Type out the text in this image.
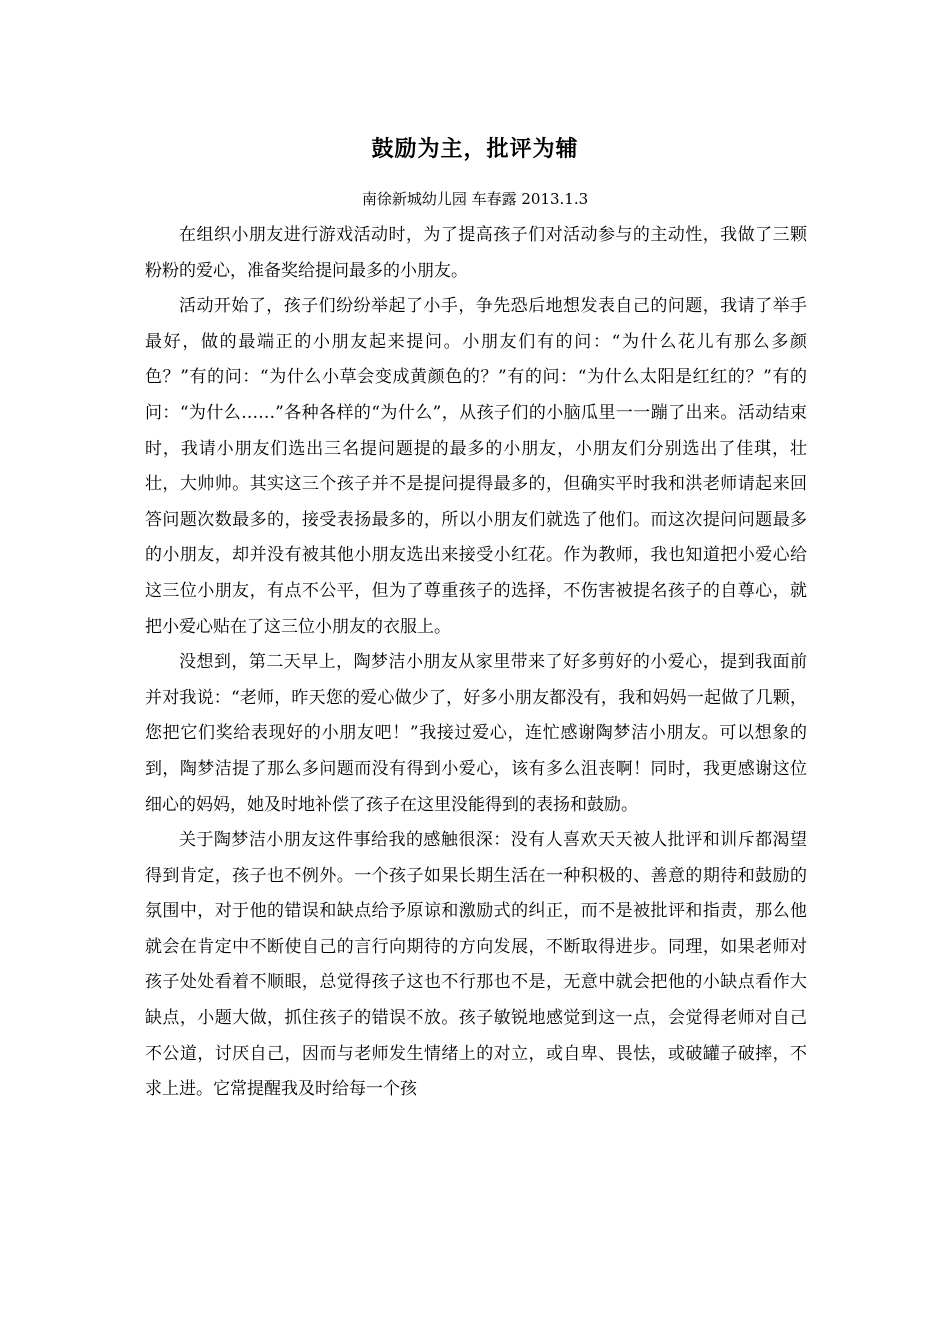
鼓励为主，批评为辅
南徐新城幼儿园 车春露 2013.1.3

在组织小朋友进行游戏活动时，为了提高孩子们对活动参与的主动性，我做了三颗粉粉的爱心，准备奖给提问最多的小朋友。

活动开始了，孩子们纷纷举起了小手，争先恐后地想发表自己的问题，我请了举手最好，做的最端正的小朋友起来提问。小朋友们有的问：“为什么花儿有那么多颜色？”有的问：“为什么小草会变成黄颜色的？”有的问：“为什么太阳是红红的？”有的问：“为什么……”各种各样的“为什么”，从孩子们的小脑瓜里一一蹦了出来。活动结束时，我请小朋友们选出三名提问题提的最多的小朋友，小朋友们分别选出了佳琪，壮壮，大帅帅。其实这三个孩子并不是提问提得最多的，但确实平时我和洪老师请起来回答问题次数最多的，接受表扬最多的，所以小朋友们就选了他们。而这次提问问题最多的小朋友，却并没有被其他小朋友选出来接受小红花。作为教师，我也知道把小爱心给这三位小朋友，有点不公平，但为了尊重孩子的选择，不伤害被提名孩子的自尊心，就把小爱心贴在了这三位小朋友的衣服上。

没想到，第二天早上，陶梦洁小朋友从家里带来了好多剪好的小爱心，提到我面前并对我说：“老师，昨天您的爱心做少了，好多小朋友都没有，我和妈妈一起做了几颗，您把它们奖给表现好的小朋友吧！”我接过爱心，连忙感谢陶梦洁小朋友。可以想象的到，陶梦洁提了那么多问题而没有得到小爱心，该有多么沮丧啊！同时，我更感谢这位细心的妈妈，她及时地补偿了孩子在这里没能得到的表扬和鼓励。

关于陶梦洁小朋友这件事给我的感触很深：没有人喜欢天天被人批评和训斥都渴望得到肯定，孩子也不例外。一个孩子如果长期生活在一种积极的、善意的期待和鼓励的氛围中，对于他的错误和缺点给予原谅和激励式的纠正，而不是被批评和指责，那么他就会在肯定中不断使自己的言行向期待的方向发展，不断取得进步。同理，如果老师对孩子处处看着不顺眼，总觉得孩子这也不行那也不是，无意中就会把他的小缺点看作大缺点，小题大做，抓住孩子的错误不放。孩子敏锐地感觉到这一点，会觉得老师对自己不公道，讨厌自己，因而与老师发生情绪上的对立，或自卑、畏怯，或破罐子破摔，不求上进。它常提醒我及时给每一个孩
